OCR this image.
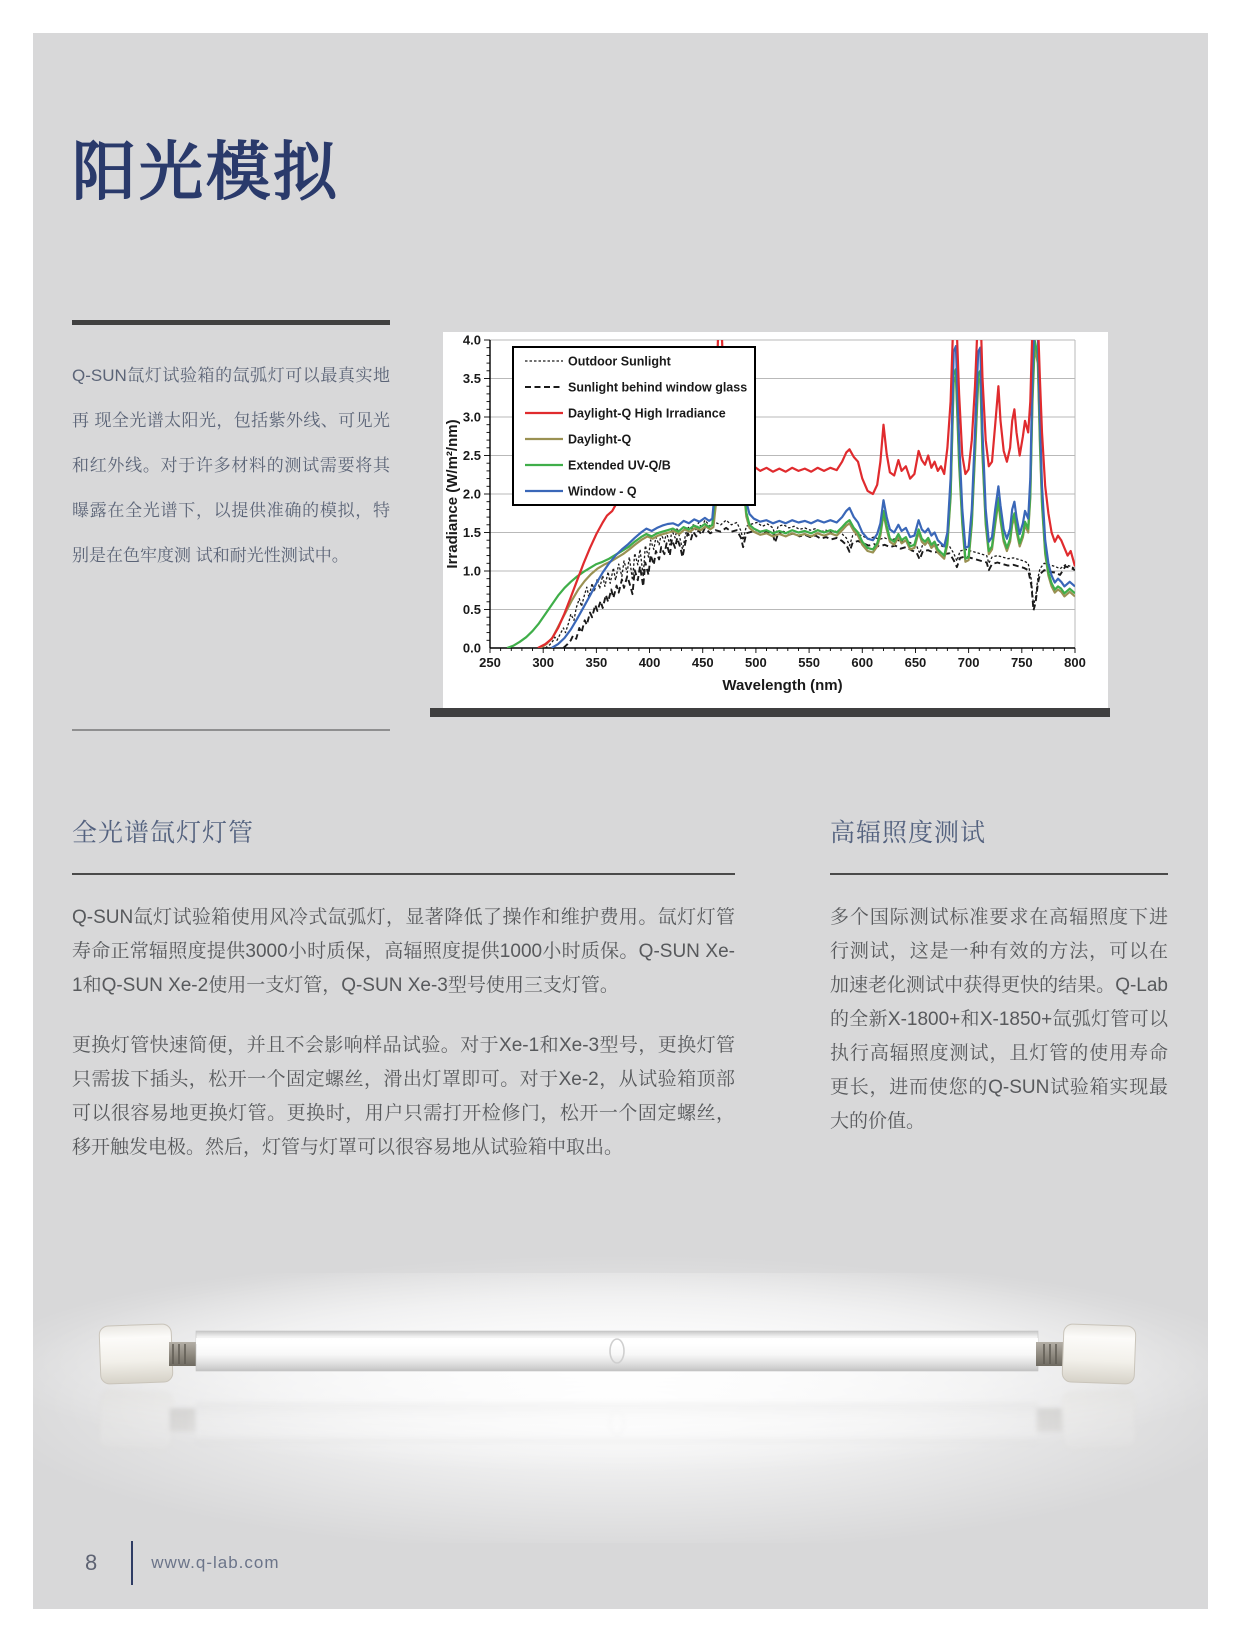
阳光模拟

Q-SUN氙灯试验箱的氙弧灯可以最真实地再 现全光谱太阳光，包括紫外线、可见光和红外线。对于许多材料的测试需要将其曝露在全光谱下，以提供准确的模拟，特别是在色牢度测 试和耐光性测试中。

0.0
0.5
1.0
1.5
2.0
2.5
3.0
3.5
4.0
250 300 350 400 450 500 550 600 650 700 750 800
Irradiance (W/m²/nm)
Wavelength (nm)
Outdoor Sunlight
Sunlight behind window glass
Daylight-Q High Irradiance
Daylight-Q
Extended UV-Q/B
Window - Q
全光谱氙灯灯管

Q-SUN氙灯试验箱使用风冷式氙弧灯，显著降低了操作和维护费用。氙灯灯管寿命正常辐照度提供3000小时质保，高辐照度提供1000小时质保。Q-SUN Xe-1和Q-SUN Xe-2使用一支灯管，Q-SUN Xe-3型号使用三支灯管。

更换灯管快速简便，并且不会影响样品试验。对于Xe-1和Xe-3型号，更换灯管只需拔下插头，松开一个固定螺丝，滑出灯罩即可。对于Xe-2，从试验箱顶部可以很容易地更换灯管。更换时，用户只需打开检修门，松开一个固定螺丝，移开触发电极。然后，灯管与灯罩可以很容易地从试验箱中取出。

高辐照度测试

多个国际测试标准要求在高辐照度下进行测试，这是一种有效的方法，可以在加速老化测试中获得更快的结果。Q-Lab的全新X-1800+和X-1850+氙弧灯管可以执行高辐照度测试，且灯管的使用寿命更长，进而使您的Q-SUN试验箱实现最大的价值。

8	www.q-lab.com
